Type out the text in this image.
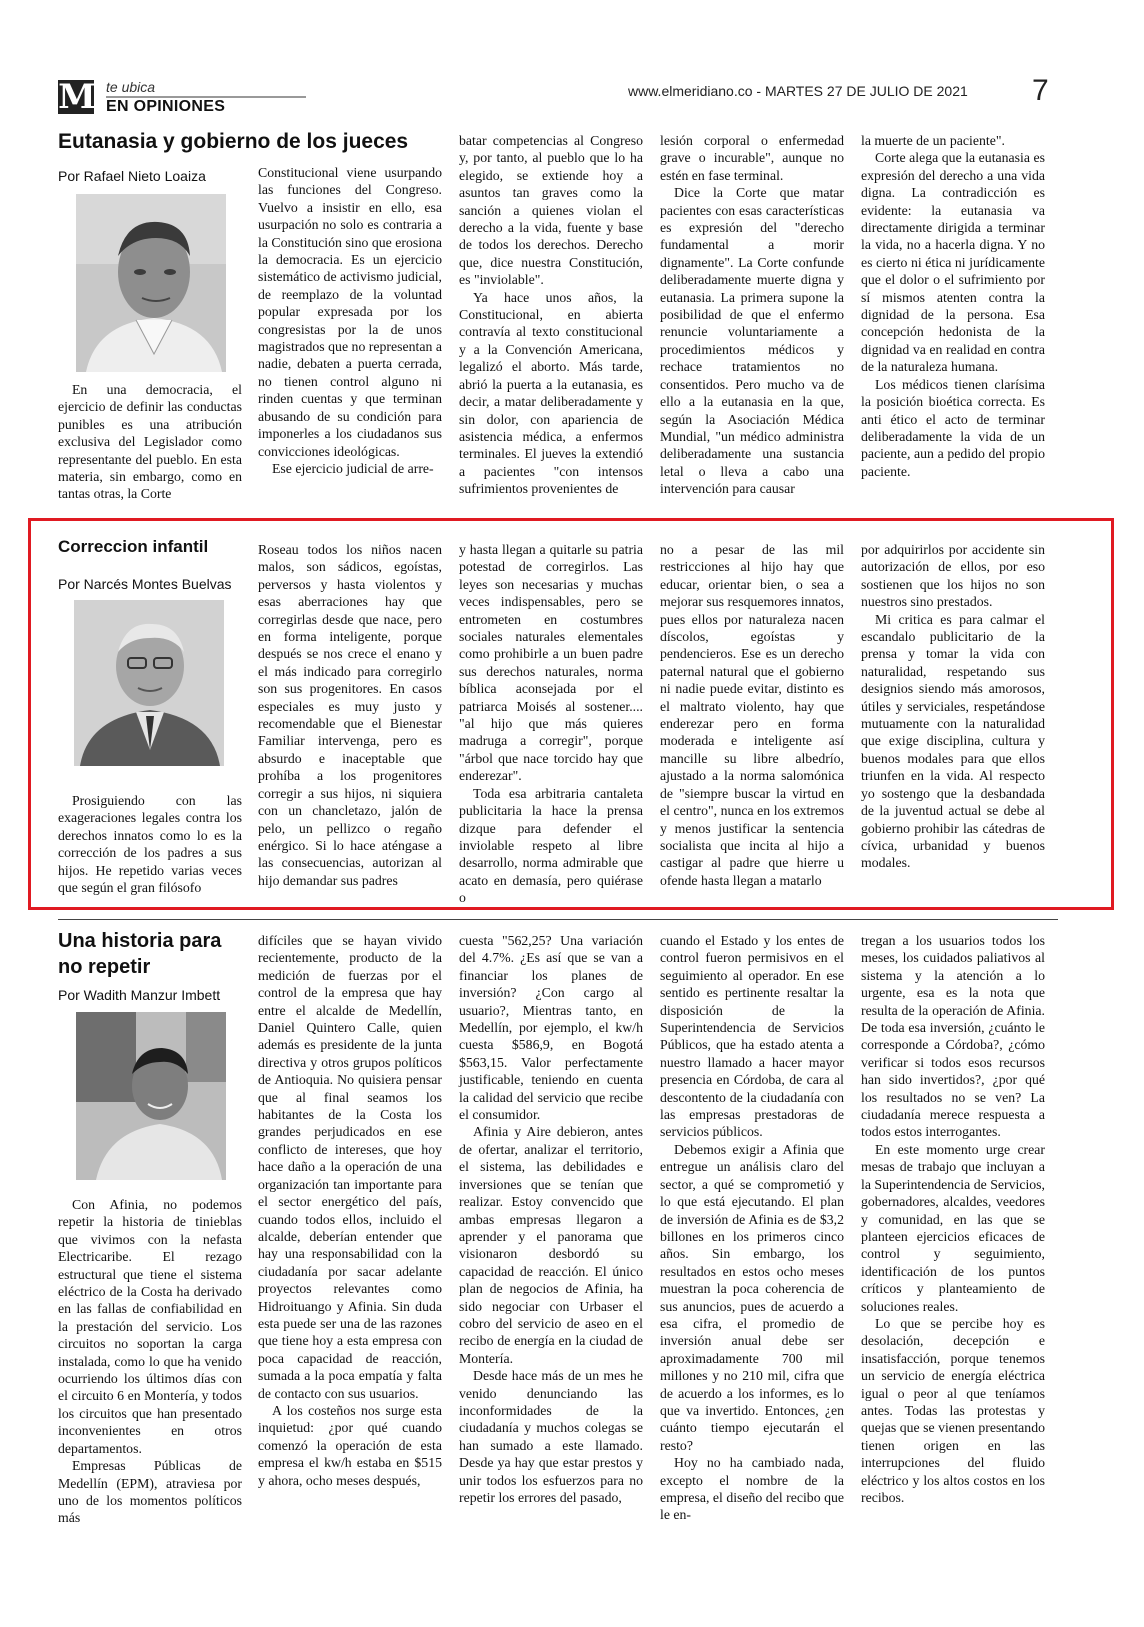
M te ubica
EN OPINIONES
www.elmeridiano.co - MARTES 27 DE JULIO DE 2021 7
Eutanasia y gobierno de los jueces
Por Rafael Nieto Loaiza

En una democracia, el ejercicio de definir las conductas punibles es una atribución exclusiva del Legislador como representante del pueblo. En esta materia, sin embargo, como en tantas otras, la Corte

Constitucional viene usurpando las funciones del Congreso. Vuelvo a insistir en ello, esa usurpación no solo es contraria a la Constitución sino que erosiona la democracia. Es un ejercicio sistemático de activismo judicial, de reemplazo de la voluntad popular expresada por los congresistas por la de unos magistrados que no representan a nadie, debaten a puerta cerrada, no tienen control alguno ni rinden cuentas y que terminan abusando de su condición para imponerles a los ciudadanos sus convicciones ideológicas.

Ese ejercicio judicial de arre-

batar competencias al Congreso y, por tanto, al pueblo que lo ha elegido, se extiende hoy a asuntos tan graves como la sanción a quienes violan el derecho a la vida, fuente y base de todos los derechos. Derecho que, dice nuestra Constitución, es "inviolable".

Ya hace unos años, la Constitucional, en abierta contravía al texto constitucional y a la Convención Americana, legalizó el aborto. Más tarde, abrió la puerta a la eutanasia, es decir, a matar deliberadamente y sin dolor, con apariencia de asistencia médica, a enfermos terminales. El jueves la extendió a pacientes "con intensos sufrimientos provenientes de

lesión corporal o enfermedad grave o incurable", aunque no estén en fase terminal.

Dice la Corte que matar pacientes con esas características es expresión del "derecho fundamental a morir dignamente". La Corte confunde deliberadamente muerte digna y eutanasia. La primera supone la posibilidad de que el enfermo renuncie voluntariamente a procedimientos médicos y rechace tratamientos no consentidos. Pero mucho va de ello a la eutanasia en la que, según la Asociación Médica Mundial, "un médico administra deliberadamente una sustancia letal o lleva a cabo una intervención para causar

la muerte de un paciente".

Corte alega que la eutanasia es expresión del derecho a una vida digna. La contradicción es evidente: la eutanasia va directamente dirigida a terminar la vida, no a hacerla digna. Y no es cierto ni ética ni jurídicamente que el dolor o el sufrimiento por sí mismos atenten contra la dignidad de la persona. Esa concepción hedonista de la dignidad va en realidad en contra de la naturaleza humana.

Los médicos tienen clarísima la posición bioética correcta. Es anti ético el acto de terminar deliberadamente la vida de un paciente, aun a pedido del propio paciente.

Correccion infantil
Por Narcés Montes Buelvas

Prosiguiendo con las exageraciones legales contra los derechos innatos como lo es la corrección de los padres a sus hijos. He repetido varias veces que según el gran filósofo

Roseau todos los niños nacen malos, son sádicos, egoístas, perversos y hasta violentos y esas aberraciones hay que corregirlas desde que nace, pero en forma inteligente, porque después se nos crece el enano y el más indicado para corregirlo son sus progenitores. En casos especiales es muy justo y recomendable que el Bienestar Familiar intervenga, pero es absurdo e inaceptable que prohíba a los progenitores corregir a sus hijos, ni siquiera con un chancletazo, jalón de pelo, un pellizco o regaño enérgico. Si lo hace aténgase a las consecuencias, autorizan al hijo demandar sus padres

y hasta llegan a quitarle su patria potestad de corregirlos. Las leyes son necesarias y muchas veces indispensables, pero se entrometen en costumbres sociales naturales elementales como prohibirle a un buen padre sus derechos naturales, norma bíblica aconsejada por el patriarca Moisés al sostener.... "al hijo que más quieres madruga a corregir", porque "árbol que nace torcido hay que enderezar".

Toda esa arbitraria cantaleta publicitaria la hace la prensa dizque para defender el inviolable respeto al libre desarrollo, norma admirable que acato en demasía, pero quiérase o

no a pesar de las mil restricciones al hijo hay que educar, orientar bien, o sea a mejorar sus resquemores innatos, pues ellos por naturaleza nacen díscolos, egoístas y pendencieros. Ese es un derecho paternal natural que el gobierno ni nadie puede evitar, distinto es el maltrato violento, hay que enderezar pero en forma moderada e inteligente así mancille su libre albedrío, ajustado a la norma salomónica de "siempre buscar la virtud en el centro", nunca en los extremos y menos justificar la sentencia socialista que incita al hijo a castigar al padre que hierre u ofende hasta llegan a matarlo

por adquirirlos por accidente sin autorización de ellos, por eso sostienen que los hijos no son nuestros sino prestados.

Mi critica es para calmar el escandalo publicitario de la prensa y tomar la vida con naturalidad, respetando sus designios siendo más amorosos, útiles y serviciales, respetándose mutuamente con la naturalidad que exige disciplina, cultura y buenos modales para que ellos triunfen en la vida. Al respecto yo sostengo que la desbandada de la juventud actual se debe al gobierno prohibir las cátedras de cívica, urbanidad y buenos modales.

Una historia para
no repetir
Por Wadith Manzur Imbett

Con Afinia, no podemos repetir la historia de tinieblas que vivimos con la nefasta Electricaribe. El rezago estructural que tiene el sistema eléctrico de la Costa ha derivado en las fallas de confiabilidad en la prestación del servicio. Los circuitos no soportan la carga instalada, como lo que ha venido ocurriendo los últimos días con el circuito 6 en Montería, y todos los circuitos que han presentado inconvenientes en otros departamentos.

Empresas Públicas de Medellín (EPM), atraviesa por uno de los momentos políticos más

difíciles que se hayan vivido recientemente, producto de la medición de fuerzas por el control de la empresa que hay entre el alcalde de Medellín, Daniel Quintero Calle, quien además es presidente de la junta directiva y otros grupos políticos de Antioquia. No quisiera pensar que al final seamos los habitantes de la Costa los grandes perjudicados en ese conflicto de intereses, que hoy hace daño a la operación de una organización tan importante para el sector energético del país, cuando todos ellos, incluido el alcalde, deberían entender que hay una responsabilidad con la ciudadanía por sacar adelante proyectos relevantes como Hidroituango y Afinia. Sin duda esta puede ser una de las razones que tiene hoy a esta empresa con poca capacidad de reacción, sumada a la poca empatía y falta de contacto con sus usuarios.

A los costeños nos surge esta inquietud: ¿por qué cuando comenzó la operación de esta empresa el kw/h estaba en $515 y ahora, ocho meses después,

cuesta "562,25? Una variación del 4.7%. ¿Es así que se van a financiar los planes de inversión? ¿Con cargo al usuario?, Mientras tanto, en Medellín, por ejemplo, el kw/h cuesta $586,9, en Bogotá $563,15. Valor perfectamente justificable, teniendo en cuenta la calidad del servicio que recibe el consumidor.

Afinia y Aire debieron, antes de ofertar, analizar el territorio, el sistema, las debilidades e inversiones que se tenían que realizar. Estoy convencido que ambas empresas llegaron a aprender y el panorama que visionaron desbordó su capacidad de reacción. El único plan de negocios de Afinia, ha sido negociar con Urbaser el cobro del servicio de aseo en el recibo de energía en la ciudad de Montería.

Desde hace más de un mes he venido denunciando las inconformidades de la ciudadanía y muchos colegas se han sumado a este llamado. Desde ya hay que estar prestos y unir todos los esfuerzos para no repetir los errores del pasado,

cuando el Estado y los entes de control fueron permisivos en el seguimiento al operador. En ese sentido es pertinente resaltar la disposición de la Superintendencia de Servicios Públicos, que ha estado atenta a nuestro llamado a hacer mayor presencia en Córdoba, de cara al descontento de la ciudadanía con las empresas prestadoras de servicios públicos.

Debemos exigir a Afinia que entregue un análisis claro del sector, a qué se comprometió y lo que está ejecutando. El plan de inversión de Afinia es de $3,2 billones en los primeros cinco años. Sin embargo, los resultados en estos ocho meses muestran la poca coherencia de sus anuncios, pues de acuerdo a esa cifra, el promedio de inversión anual debe ser aproximadamente 700 mil millones y no 210 mil, cifra que de acuerdo a los informes, es lo que va invertido. Entonces, ¿en cuánto tiempo ejecutarán el resto?

Hoy no ha cambiado nada, excepto el nombre de la empresa, el diseño del recibo que le en-

tregan a los usuarios todos los meses, los cuidados paliativos al sistema y la atención a lo urgente, esa es la nota que resulta de la operación de Afinia. De toda esa inversión, ¿cuánto le corresponde a Córdoba?, ¿cómo verificar si todos esos recursos han sido invertidos?, ¿por qué los resultados no se ven? La ciudadanía merece respuesta a todos estos interrogantes.

En este momento urge crear mesas de trabajo que incluyan a la Superintendencia de Servicios, gobernadores, alcaldes, veedores y comunidad, en las que se planteen ejercicios eficaces de control y seguimiento, identificación de los puntos críticos y planteamiento de soluciones reales.

Lo que se percibe hoy es desolación, decepción e insatisfacción, porque tenemos un servicio de energía eléctrica igual o peor al que teníamos antes. Todas las protestas y quejas que se vienen presentando tienen origen en las interrupciones del fluido eléctrico y los altos costos en los recibos.
